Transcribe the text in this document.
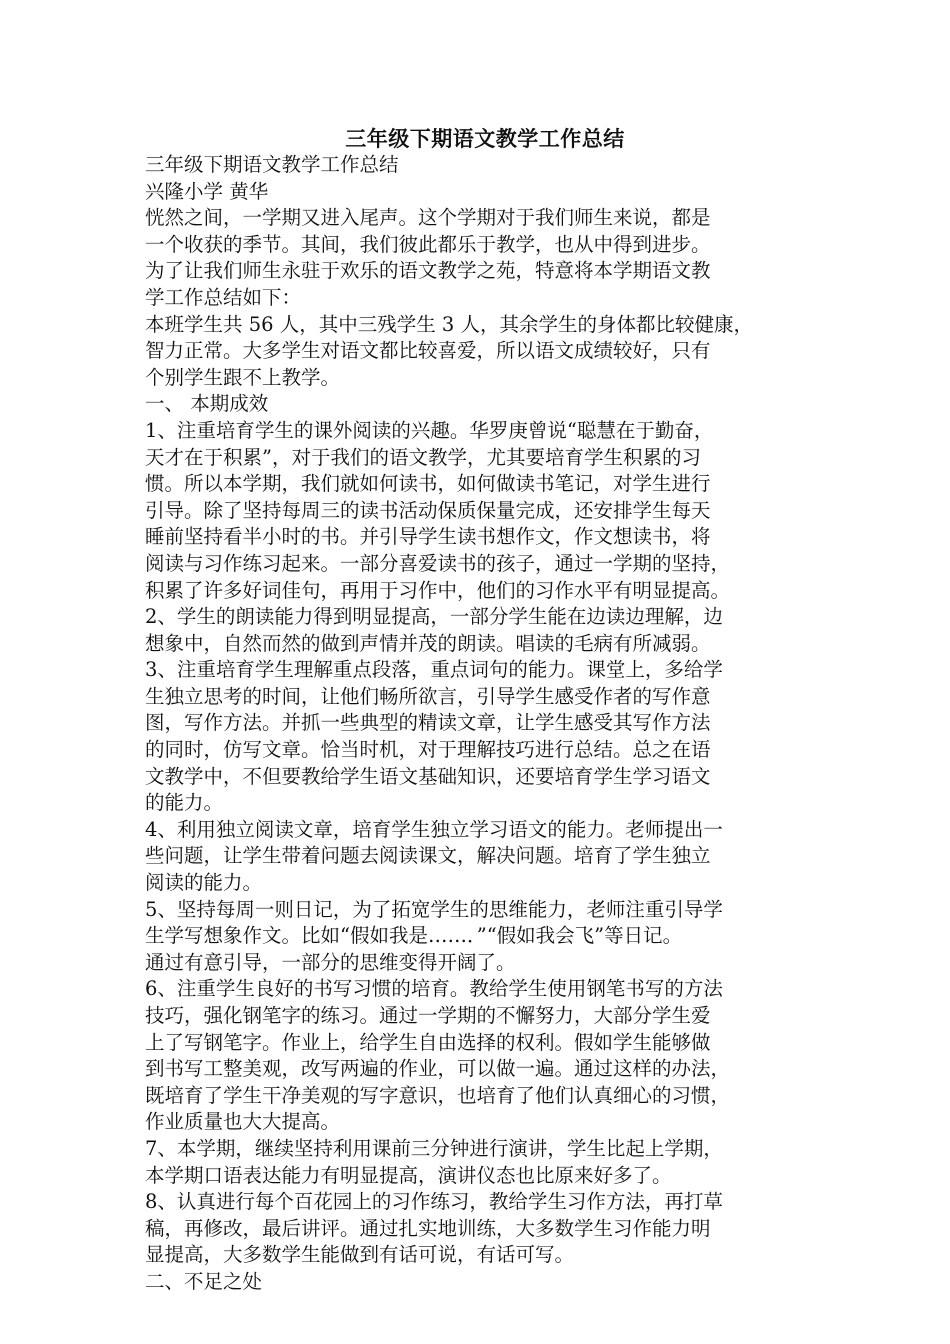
三年级下期语文教学工作总结
三年级下期语文教学工作总结
兴隆小学 黄华
恍然之间，一学期又进入尾声。这个学期对于我们师生来说，都是
一个收获的季节。其间，我们彼此都乐于教学，也从中得到进步。
为了让我们师生永驻于欢乐的语文教学之苑，特意将本学期语文教
学工作总结如下：
本班学生共 56 人，其中三残学生 3 人，其余学生的身体都比较健康，
智力正常。大多学生对语文都比较喜爱，所以语文成绩较好，只有
个别学生跟不上教学。
一、 本期成效
1、注重培育学生的课外阅读的兴趣。华罗庚曾说“聪慧在于勤奋，
天才在于积累”，对于我们的语文教学，尤其要培育学生积累的习
惯。所以本学期，我们就如何读书，如何做读书笔记，对学生进行
引导。除了坚持每周三的读书活动保质保量完成，还安排学生每天
睡前坚持看半小时的书。并引导学生读书想作文，作文想读书，将
阅读与习作练习起来。一部分喜爱读书的孩子，通过一学期的坚持，
积累了许多好词佳句，再用于习作中，他们的习作水平有明显提高。
2、学生的朗读能力得到明显提高，一部分学生能在边读边理解，边
想象中，自然而然的做到声情并茂的朗读。唱读的毛病有所减弱。
3、注重培育学生理解重点段落，重点词句的能力。课堂上，多给学
生独立思考的时间，让他们畅所欲言，引导学生感受作者的写作意
图，写作方法。并抓一些典型的精读文章，让学生感受其写作方法
的同时，仿写文章。恰当时机，对于理解技巧进行总结。总之在语
文教学中，不但要教给学生语文基础知识，还要培育学生学习语文
的能力。
4、利用独立阅读文章，培育学生独立学习语文的能力。老师提出一
些问题，让学生带着问题去阅读课文，解决问题。培育了学生独立
阅读的能力。
5、坚持每周一则日记，为了拓宽学生的思维能力，老师注重引导学
生学写想象作文。比如“假如我是……．”“假如我会飞”等日记。
通过有意引导，一部分的思维变得开阔了。
6、注重学生良好的书写习惯的培育。教给学生使用钢笔书写的方法
技巧，强化钢笔字的练习。通过一学期的不懈努力，大部分学生爱
上了写钢笔字。作业上，给学生自由选择的权利。假如学生能够做
到书写工整美观，改写两遍的作业，可以做一遍。通过这样的办法，
既培育了学生干净美观的写字意识，也培育了他们认真细心的习惯，
作业质量也大大提高。
7、本学期，继续坚持利用课前三分钟进行演讲，学生比起上学期，
本学期口语表达能力有明显提高，演讲仪态也比原来好多了。
8、认真进行每个百花园上的习作练习，教给学生习作方法，再打草
稿，再修改，最后讲评。通过扎实地训练，大多数学生习作能力明
显提高，大多数学生能做到有话可说，有话可写。
二、不足之处
